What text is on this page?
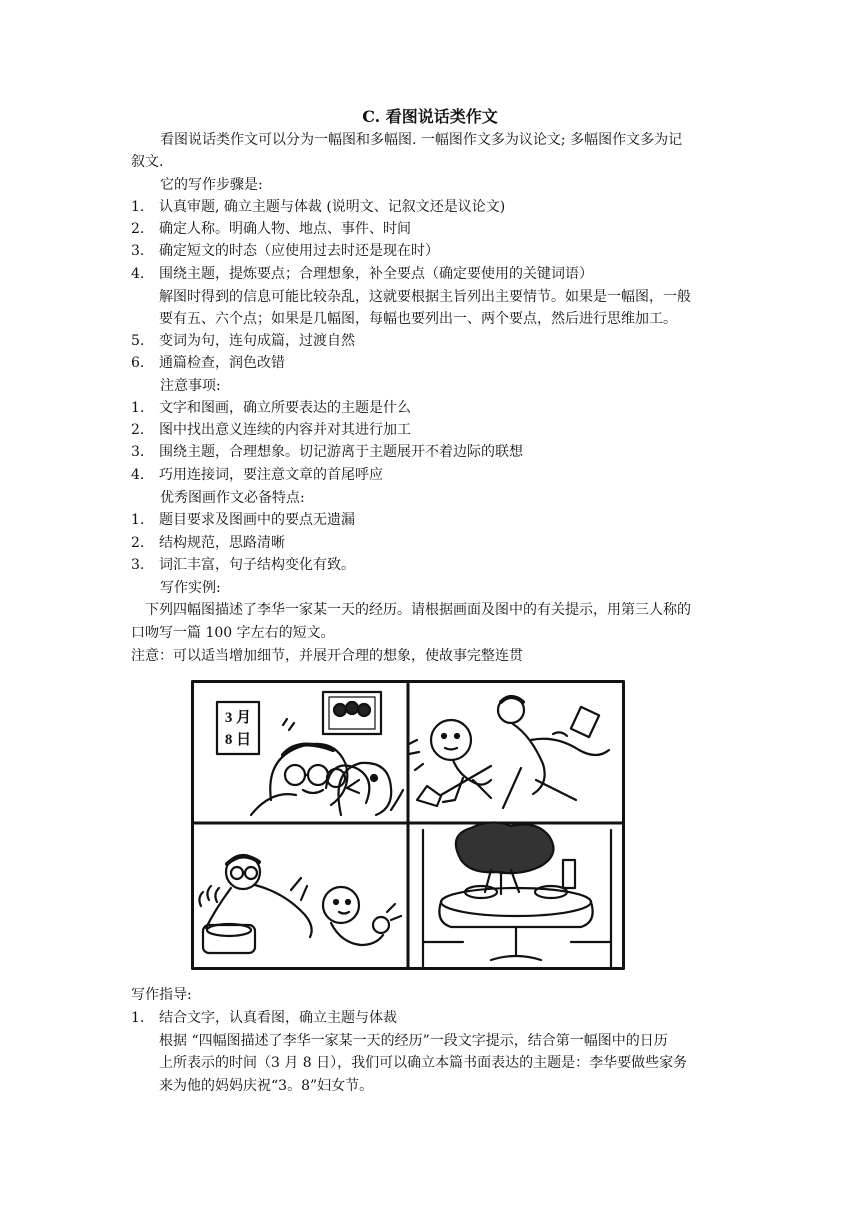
C. 看图说话类作文
看图说话类作文可以分为一幅图和多幅图. 一幅图作文多为议论文; 多幅图作文多为记
叙文.
它的写作步骤是:
1. 认真审题, 确立主题与体裁 (说明文、记叙文还是议论文)
2. 确定人称。明确人物、地点、事件、时间
3. 确定短文的时态（应使用过去时还是现在时）
4. 围绕主题，提炼要点；合理想象，补全要点（确定要使用的关键词语）
解图时得到的信息可能比较杂乱，这就要根据主旨列出主要情节。如果是一幅图，一般
要有五、六个点；如果是几幅图，每幅也要列出一、两个要点，然后进行思维加工。
5. 变词为句，连句成篇，过渡自然
6. 通篇检查，润色改错
注意事项:
1. 文字和图画，确立所要表达的主题是什么
2. 图中找出意义连续的内容并对其进行加工
3. 围绕主题，合理想象。切记游离于主题展开不着边际的联想
4. 巧用连接词，要注意文章的首尾呼应
优秀图画作文必备特点:
1. 题目要求及图画中的要点无遗漏
2. 结构规范，思路清晰
3. 词汇丰富，句子结构变化有致。
写作实例:
下列四幅图描述了李华一家某一天的经历。请根据画面及图中的有关提示，用第三人称的
口吻写一篇 100 字左右的短文。
注意：可以适当增加细节，并展开合理的想象，使故事完整连贯
3 月
8 日
写作指导:
1. 结合文字，认真看图，确立主题与体裁
根据 “四幅图描述了李华一家某一天的经历”一段文字提示，结合第一幅图中的日历
上所表示的时间（3 月 8 日），我们可以确立本篇书面表达的主题是：李华要做些家务
来为他的妈妈庆祝“3。8”妇女节。
